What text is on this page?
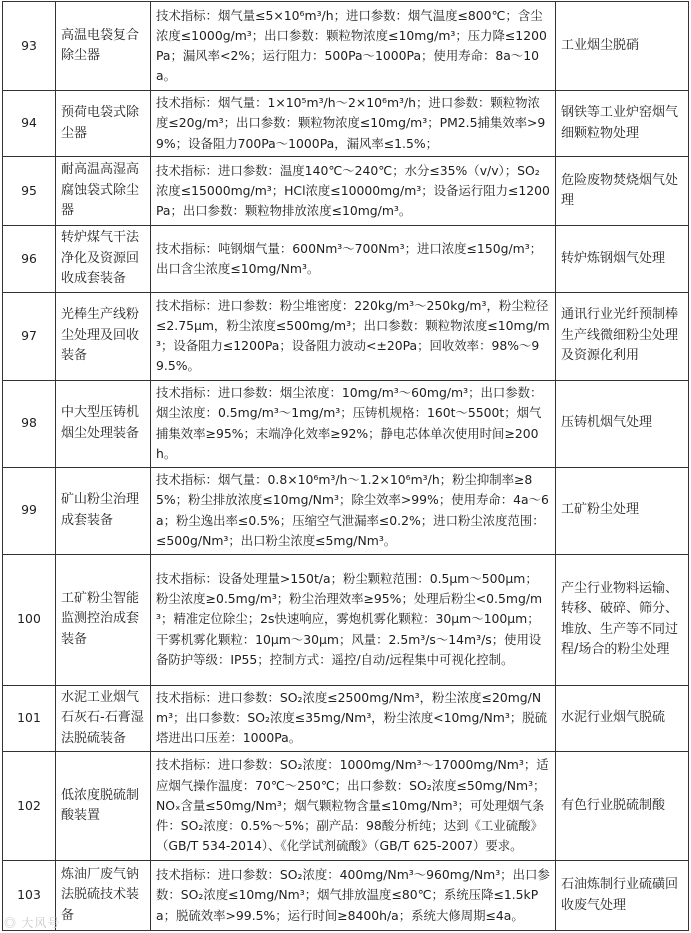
93	高温电袋复合除尘器	技术指标：烟气量≤5×10⁶m³/h；进口参数：烟气温度≤800℃；含尘浓度≤1000g/m³；出口参数：颗粒物浓度≤10mg/m³；压力降≤1200Pa；漏风率<2%；运行阻力：500Pa～1000Pa；使用寿命：8a～10a。	工业烟尘脱硝
94	预荷电袋式除尘器	技术指标：烟气量：1×10⁵m³/h～2×10⁶m³/h；进口参数：颗粒物浓度≤20g/m³；出口参数：颗粒物浓度≤10mg/m³；PM2.5捕集效率>99%；设备阻力700Pa～1000Pa，漏风率≤1.5%；	钢铁等工业炉窑烟气细颗粒物处理
95	耐高温高湿高腐蚀袋式除尘器	技术指标：进口参数：温度140℃～240℃；水分≤35%（v/v）；SO₂浓度≤15000mg/m³；HCl浓度≤10000mg/m³；设备运行阻力≤1200Pa；出口参数：颗粒物排放浓度≤10mg/m³。	危险废物焚烧烟气处理
96	转炉煤气干法净化及资源回收成套装备	技术指标：吨钢烟气量：600Nm³～700Nm³；进口浓度≤150g/m³；出口含尘浓度≤10mg/Nm³。	转炉炼钢烟气处理
97	光棒生产线粉尘处理及回收装备	技术指标：进口参数：粉尘堆密度：220kg/m³～250kg/m³，粉尘粒径≤2.75μm，粉尘浓度≤500mg/m³；出口参数：颗粒物浓度≤10mg/m³；设备阻力≤1200Pa；设备阻力波动<±20Pa；回收效率：98%～99.5%。	通讯行业光纤预制棒生产线微细粉尘处理及资源化利用
98	中大型压铸机烟尘处理装备	技术指标：进口参数：烟尘浓度：10mg/m³～60mg/m³；出口参数：烟尘浓度：0.5mg/m³～1mg/m³；压铸机规格：160t～5500t；烟气捕集效率≥95%；末端净化效率≥92%；静电芯体单次使用时间≥200h。	压铸机烟气处理
99	矿山粉尘治理成套装备	技术指标：烟气量：0.8×10⁶m³/h～1.2×10⁶m³/h；粉尘抑制率≥85%；粉尘排放浓度≤10mg/Nm³；除尘效率>99%；使用寿命：4a～6a；粉尘逸出率≤0.5%；压缩空气泄漏率≤0.2%；进口粉尘浓度范围：≤500g/Nm³；出口粉尘浓度≤5mg/Nm³。	工矿粉尘处理
100	工矿粉尘智能监测控治成套装备	技术指标：设备处理量>150t/a；粉尘颗粒范围：0.5μm～500μm；粉尘浓度≥0.5mg/m³；粉尘治理效率≥95%；处理后粉尘<0.5mg/m³；精准定位除尘；2s快速响应，雾炮机雾化颗粒：30μm～100μm；干雾机雾化颗粒：10μm～30μm；风量：2.5m³/s～14m³/s；使用设备防护等级：IP55；控制方式：遥控/自动/远程集中可视化控制。	产尘行业物料运输、转移、破碎、筛分、堆放、生产等不同过程/场合的粉尘处理
101	水泥工业烟气石灰石-石膏湿法脱硫装备	技术指标：进口参数：SO₂浓度≤2500mg/Nm³，粉尘浓度≤20mg/Nm³；出口参数：SO₂浓度≤35mg/Nm³，粉尘浓度<10mg/Nm³；脱硫塔进出口压差：1000Pa。	水泥行业烟气脱硫
102	低浓度脱硫制酸装置	技术指标：进口参数：SO₂浓度：1000mg/Nm³～17000mg/Nm³；适应烟气操作温度：70℃～250℃；出口参数：SO₂浓度≤50mg/Nm³；NOₓ含量≤50mg/Nm³；烟气颗粒物含量≤10mg/Nm³；可处理烟气条件：SO₂浓度：0.5%～5%；副产品：98酸分析纯；达到《工业硫酸》（GB/T 534-2014）、《化学试剂硫酸》（GB/T 625-2007）要求。	有色行业脱硫制酸
103	炼油厂废气钠法脱硫技术装备	技术指标：进口参数：SO₂浓度：400mg/Nm³～960mg/Nm³；出口参数：SO₂浓度≤10mg/Nm³；烟气排放温度≤80℃；系统压降≤1.5kPa；脱硫效率>99.5%；运行时间≥8400h/a；系统大修周期≤4a。	石油炼制行业硫磺回收废气处理
◎ 大风号
